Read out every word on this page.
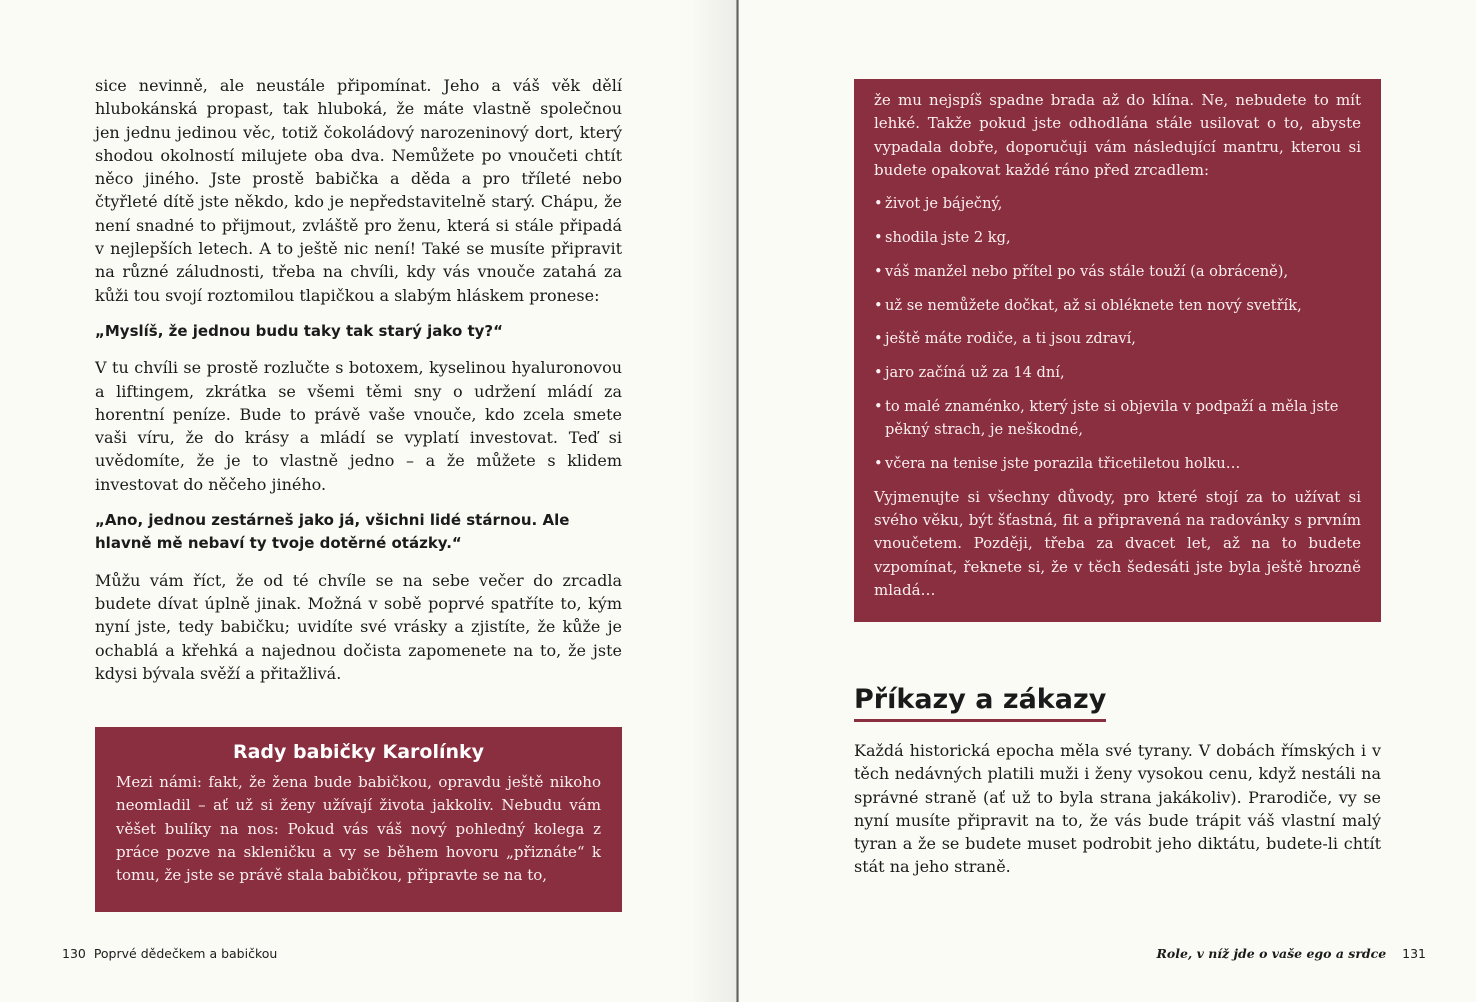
sice nevinně, ale neustále připomínat. Jeho a váš věk dělí hlubokánská propast, tak hluboká, že máte vlastně společnou jen jednu jedinou věc, totiž čokoládový narozeninový dort, který shodou okolností milujete oba dva. Nemůžete po vnoučeti chtít něco jiného. Jste prostě babička a děda a pro tříleté nebo čtyřleté dítě jste někdo, kdo je nepředstavitelně starý. Chápu, že není snadné to přijmout, zvláště pro ženu, která si stále připadá v nejlepších letech. A to ještě nic není! Také se musíte připravit na různé záludnosti, třeba na chvíli, kdy vás vnouče zatahá za kůži tou svojí roztomilou tlapičkou a slabým hláskem pronese:

„Myslíš, že jednou budu taky tak starý jako ty?“

V tu chvíli se prostě rozlučte s botoxem, kyselinou hyaluronovou a liftingem, zkrátka se všemi těmi sny o udržení mládí za horentní peníze. Bude to právě vaše vnouče, kdo zcela smete vaši víru, že do krásy a mládí se vyplatí investovat. Teď si uvědomíte, že je to vlastně jedno – a že můžete s klidem investovat do něčeho jiného.

„Ano, jednou zestárneš jako já, všichni lidé stárnou. Ale hlavně mě nebaví ty tvoje dotěrné otázky.“

Můžu vám říct, že od té chvíle se na sebe večer do zrcadla budete dívat úplně jinak. Možná v sobě poprvé spatříte to, kým nyní jste, tedy babičku; uvidíte své vrásky a zjistíte, že kůže je ochablá a křehká a najednou dočista zapomenete na to, že jste kdysi bývala svěží a přitažlivá.

Rady babičky Karolínky
Mezi námi: fakt, že žena bude babičkou, opravdu ještě nikoho neomladil – ať už si ženy užívají života jakkoliv. Nebudu vám věšet bulíky na nos: Pokud vás váš nový pohledný kolega z práce pozve na skleničku a vy se během hovoru „přiznáte“ k tomu, že jste se právě stala babičkou, připravte se na to,
130 Poprvé dědečkem a babičkou
že mu nejspíš spadne brada až do klína. Ne, nebudete to mít lehké. Takže pokud jste odhodlána stále usilovat o to, abyste vypadala dobře, doporučuji vám následující mantru, kterou si budete opakovat každé ráno před zrcadlem:
• život je báječný,
• shodila jste 2 kg,
• váš manžel nebo přítel po vás stále touží (a obráceně),
• už se nemůžete dočkat, až si obléknete ten nový svetřík,
• ještě máte rodiče, a ti jsou zdraví,
• jaro začíná už za 14 dní,
• to malé znaménko, který jste si objevila v podpaží a měla jste pěkný strach, je neškodné,
• včera na tenise jste porazila třicetiletou holku…
Vyjmenujte si všechny důvody, pro které stojí za to užívat si svého věku, být šťastná, fit a připravená na radovánky s prvním vnoučetem. Později, třeba za dvacet let, až na to budete vzpomínat, řeknete si, že v těch šedesáti jste byla ještě hrozně mladá…
Příkazy a zákazy

Každá historická epocha měla své tyrany. V dobách římských i v těch nedávných platili muži i ženy vysokou cenu, když nestáli na správné straně (ať už to byla strana jakákoliv). Prarodiče, vy se nyní musíte připravit na to, že vás bude trápit váš vlastní malý tyran a že se budete muset podrobit jeho diktátu, budete-li chtít stát na jeho straně.

Role, v níž jde o vaše ego a srdce 131
